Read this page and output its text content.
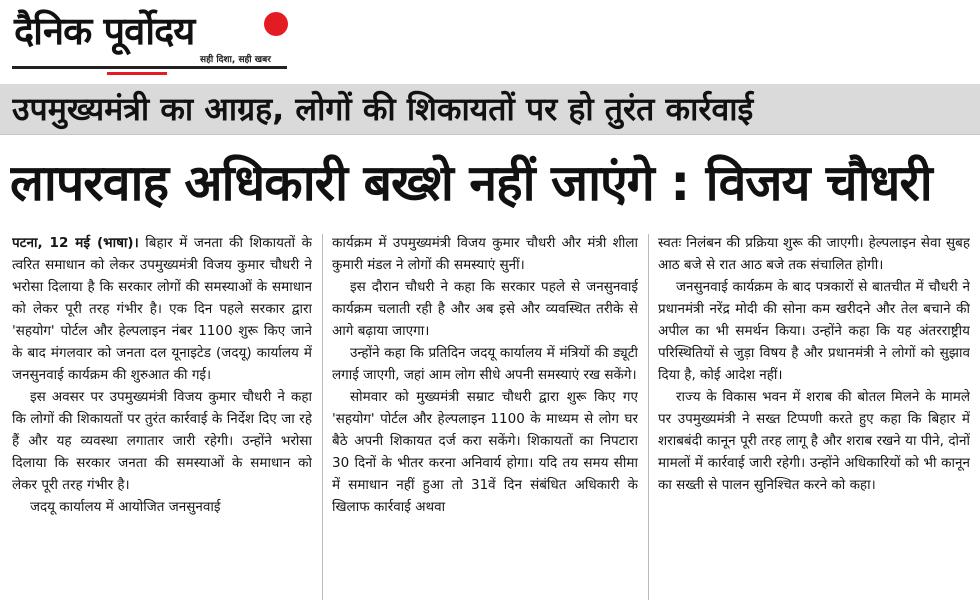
दैनिक पूर्वोदय
सही दिशा, सही खबर
उपमुख्यमंत्री का आग्रह, लोगों की शिकायतों पर हो तुरंत कार्रवाई
लापरवाह अधिकारी बख्शे नहीं जाएंगे : विजय चौधरी

पटना, 12 मई (भाषा)। बिहार में जनता की शिकायतों के त्वरित समाधान को लेकर उपमुख्यमंत्री विजय कुमार चौधरी ने भरोसा दिलाया है कि सरकार लोगों की समस्याओं के समाधान को लेकर पूरी तरह गंभीर है। एक दिन पहले सरकार द्वारा 'सहयोग' पोर्टल और हेल्पलाइन नंबर 1100 शुरू किए जाने के बाद मंगलवार को जनता दल यूनाइटेड (जदयू) कार्यालय में जनसुनवाई कार्यक्रम की शुरुआत की गई।

इस अवसर पर उपमुख्यमंत्री विजय कुमार चौधरी ने कहा कि लोगों की शिकायतों पर तुरंत कार्रवाई के निर्देश दिए जा रहे हैं और यह व्यवस्था लगातार जारी रहेगी। उन्होंने भरोसा दिलाया कि सरकार जनता की समस्याओं के समाधान को लेकर पूरी तरह गंभीर है।

जदयू कार्यालय में आयोजित जनसुनवाई

कार्यक्रम में उपमुख्यमंत्री विजय कुमार चौधरी और मंत्री शीला कुमारी मंडल ने लोगों की समस्याएं सुनीं।

इस दौरान चौधरी ने कहा कि सरकार पहले से जनसुनवाई कार्यक्रम चलाती रही है और अब इसे और व्यवस्थित तरीके से आगे बढ़ाया जाएगा।

उन्होंने कहा कि प्रतिदिन जदयू कार्यालय में मंत्रियों की ड्यूटी लगाई जाएगी, जहां आम लोग सीधे अपनी समस्याएं रख सकेंगे।

सोमवार को मुख्यमंत्री सम्राट चौधरी द्वारा शुरू किए गए 'सहयोग' पोर्टल और हेल्पलाइन 1100 के माध्यम से लोग घर बैठे अपनी शिकायत दर्ज करा सकेंगे। शिकायतों का निपटारा 30 दिनों के भीतर करना अनिवार्य होगा। यदि तय समय सीमा में समाधान नहीं हुआ तो 31वें दिन संबंधित अधिकारी के खिलाफ कार्रवाई अथवा

स्वतः निलंबन की प्रक्रिया शुरू की जाएगी। हेल्पलाइन सेवा सुबह आठ बजे से रात आठ बजे तक संचालित होगी।

जनसुनवाई कार्यक्रम के बाद पत्रकारों से बातचीत में चौधरी ने प्रधानमंत्री नरेंद्र मोदी की सोना कम खरीदने और तेल बचाने की अपील का भी समर्थन किया। उन्होंने कहा कि यह अंतरराष्ट्रीय परिस्थितियों से जुड़ा विषय है और प्रधानमंत्री ने लोगों को सुझाव दिया है, कोई आदेश नहीं।

राज्य के विकास भवन में शराब की बोतल मिलने के मामले पर उपमुख्यमंत्री ने सख्त टिप्पणी करते हुए कहा कि बिहार में शराबबंदी कानून पूरी तरह लागू है और शराब रखने या पीने, दोनों मामलों में कार्रवाई जारी रहेगी। उन्होंने अधिकारियों को भी कानून का सख्ती से पालन सुनिश्चित करने को कहा।
